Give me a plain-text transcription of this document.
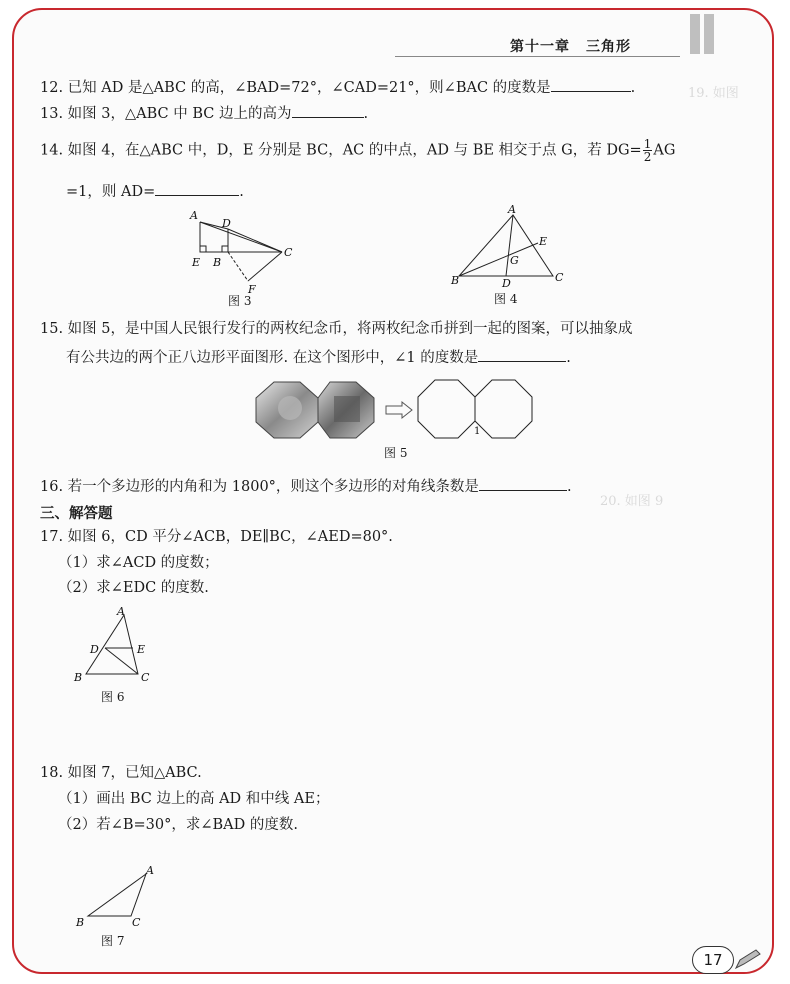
19. 如图
20. 如图 9
第十一章 三角形
12. 已知 AD 是△ABC 的高，∠BAD=72°，∠CAD=21°，则∠BAC 的度数是	.
13. 如图 3，△ABC 中 BC 边上的高为	.
14. 如图 4，在△ABC 中，D，E 分别是 BC，AC 的中点，AD 与 BE 相交于点 G，若 $DG= \frac{1}{2}$ AG
=1，则 AD=	.
A
D
C
E B
F
图 3
A
E
G
B	D	C
图 4
15. 如图 5，是中国人民银行发行的两枚纪念币，将两枚纪念币拼到一起的图案，可以抽象成
有公共边的两个正八边形平面图形. 在这个图形中，∠1 的度数是	.
1
图 5
16. 若一个多边形的内角和为 1800°，则这个多边形的对角线条数是	.
三、解答题
17. 如图 6，CD 平分∠ACB，DE∥BC，∠AED=80°.
（1）求∠ACD 的度数；
（2）求∠EDC 的度数.
A
D	E
B	C
图 6
18. 如图 7，已知△ABC.
（1）画出 BC 边上的高 AD 和中线 AE；
（2）若∠B=30°，求∠BAD 的度数.
A
B	C
图 7
17
